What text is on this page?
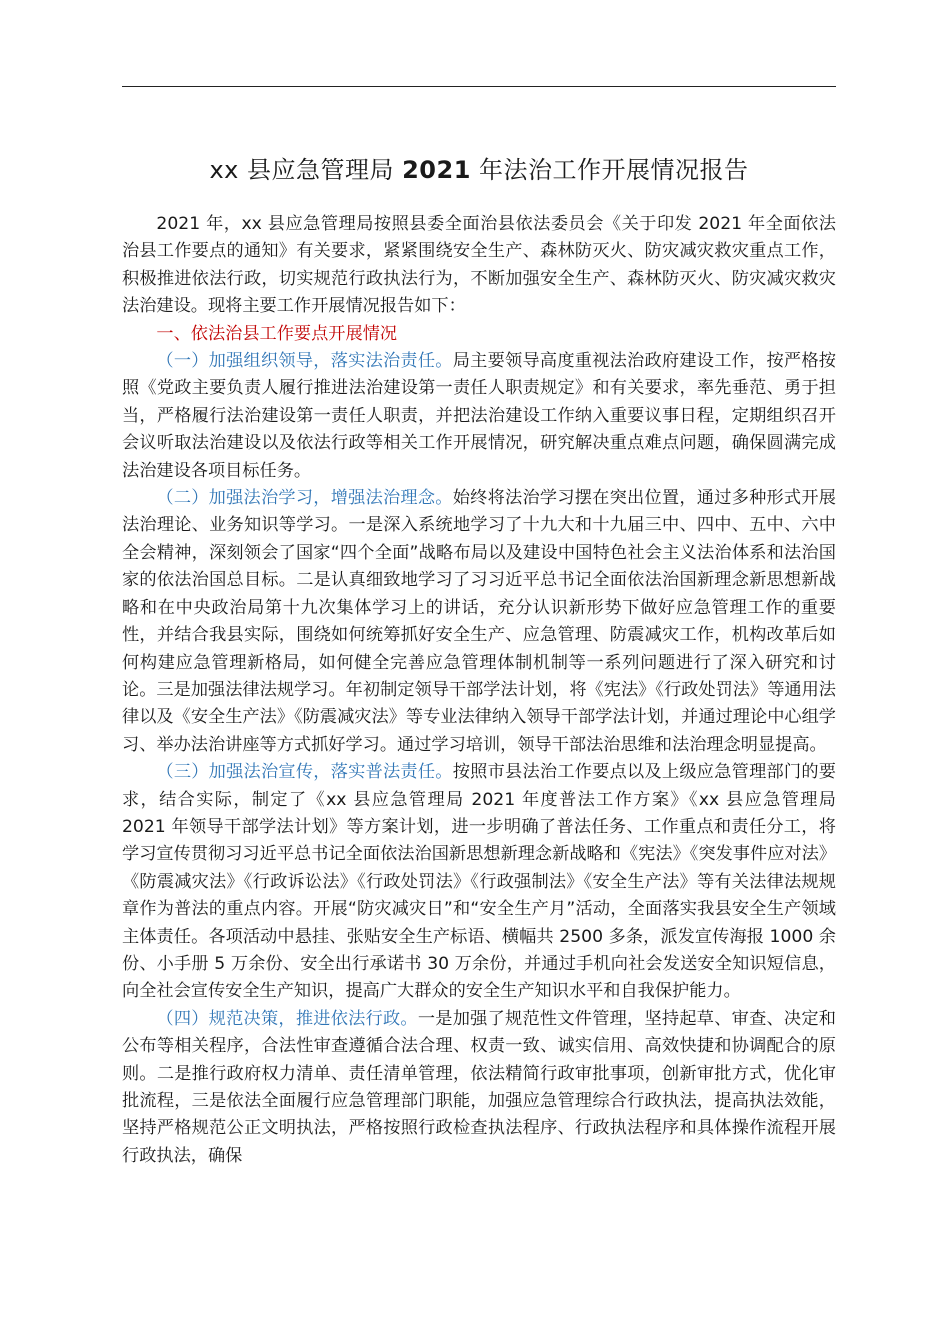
xx 县应急管理局 2021 年法治工作开展情况报告

2021 年，xx 县应急管理局按照县委全面治县依法委员会《关于印发 2021 年全面依法治县工作要点的通知》有关要求，紧紧围绕安全生产、森林防灭火、防灾减灾救灾重点工作，积极推进依法行政，切实规范行政执法行为，不断加强安全生产、森林防灭火、防灾减灾救灾法治建设。现将主要工作开展情况报告如下：

一、依法治县工作要点开展情况

（一）加强组织领导，落实法治责任。局主要领导高度重视法治政府建设工作，按严格按照《党政主要负责人履行推进法治建设第一责任人职责规定》和有关要求，率先垂范、勇于担当，严格履行法治建设第一责任人职责，并把法治建设工作纳入重要议事日程，定期组织召开会议听取法治建设以及依法行政等相关工作开展情况，研究解决重点难点问题，确保圆满完成法治建设各项目标任务。

（二）加强法治学习，增强法治理念。始终将法治学习摆在突出位置，通过多种形式开展法治理论、业务知识等学习。一是深入系统地学习了十九大和十九届三中、四中、五中、六中全会精神，深刻领会了国家“四个全面”战略布局以及建设中国特色社会主义法治体系和法治国家的依法治国总目标。二是认真细致地学习了习习近平总书记全面依法治国新理念新思想新战略和在中央政治局第十九次集体学习上的讲话，充分认识新形势下做好应急管理工作的重要性，并结合我县实际，围绕如何统筹抓好安全生产、应急管理、防震减灾工作，机构改革后如何构建应急管理新格局，如何健全完善应急管理体制机制等一系列问题进行了深入研究和讨论。三是加强法律法规学习。年初制定领导干部学法计划，将《宪法》《行政处罚法》等通用法律以及《安全生产法》《防震减灾法》等专业法律纳入领导干部学法计划，并通过理论中心组学习、举办法治讲座等方式抓好学习。通过学习培训，领导干部法治思维和法治理念明显提高。

（三）加强法治宣传，落实普法责任。按照市县法治工作要点以及上级应急管理部门的要求，结合实际，制定了《xx 县应急管理局 2021 年度普法工作方案》《xx 县应急管理局 2021 年领导干部学法计划》等方案计划，进一步明确了普法任务、工作重点和责任分工，将学习宣传贯彻习习近平总书记全面依法治国新思想新理念新战略和《宪法》《突发事件应对法》《防震减灾法》《行政诉讼法》《行政处罚法》《行政强制法》《安全生产法》等有关法律法规规章作为普法的重点内容。开展“防灾减灾日”和“安全生产月”活动，全面落实我县安全生产领域主体责任。各项活动中悬挂、张贴安全生产标语、横幅共 2500 多条，派发宣传海报 1000 余份、小手册 5 万余份、安全出行承诺书 30 万余份，并通过手机向社会发送安全知识短信息，向全社会宣传安全生产知识，提高广大群众的安全生产知识水平和自我保护能力。

（四）规范决策，推进依法行政。一是加强了规范性文件管理，坚持起草、审查、决定和公布等相关程序，合法性审查遵循合法合理、权责一致、诚实信用、高效快捷和协调配合的原则。二是推行政府权力清单、责任清单管理，依法精简行政审批事项，创新审批方式，优化审批流程，三是依法全面履行应急管理部门职能，加强应急管理综合行政执法，提高执法效能，坚持严格规范公正文明执法，严格按照行政检查执法程序、行政执法程序和具体操作流程开展行政执法，确保
